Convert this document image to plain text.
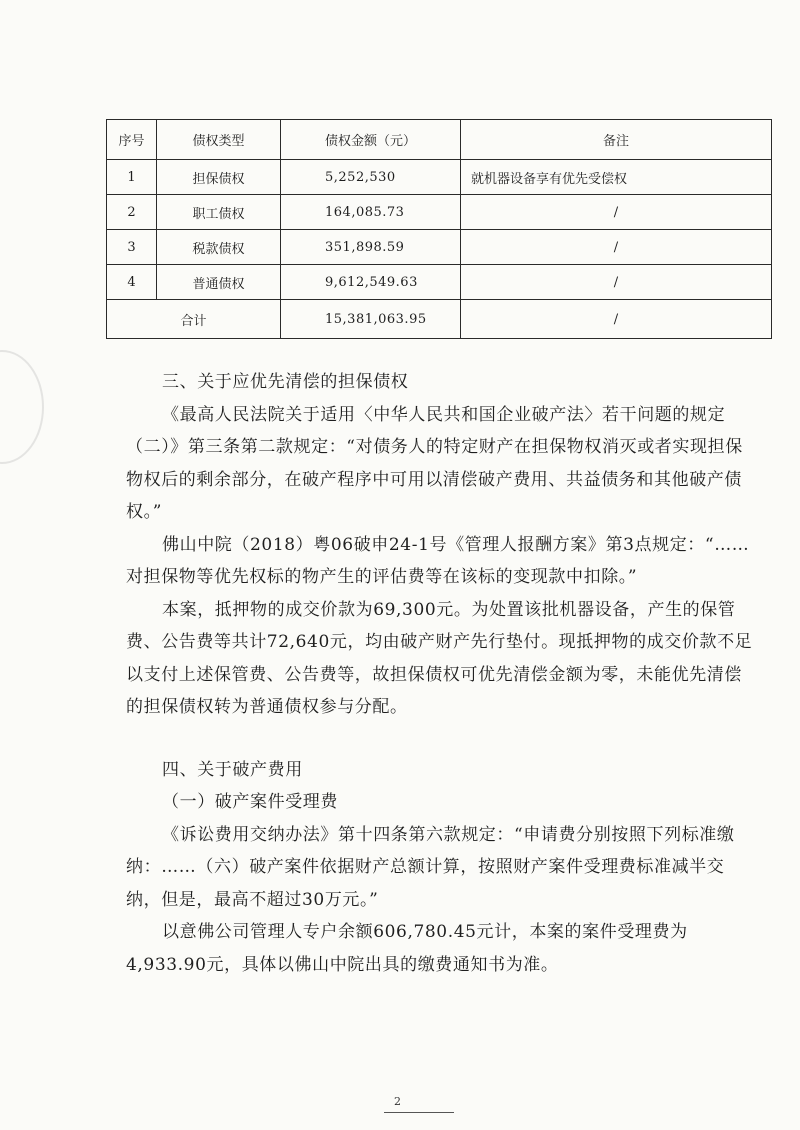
序号	债权类型	债权金额（元）	备注
1	担保债权	5,252,530	就机器设备享有优先受偿权
2	职工债权	164,085.73	/
3	税款债权	351,898.59	/
4	普通债权	9,612,549.63	/
合计		15,381,063.95	/

三、关于应优先清偿的担保债权

《最高人民法院关于适用〈中华人民共和国企业破产法〉若干问题的规定（二）》第三条第二款规定：“对债务人的特定财产在担保物权消灭或者实现担保物权后的剩余部分，在破产程序中可用以清偿破产费用、共益债务和其他破产债权。”

佛山中院（2018）粤06破申24-1号《管理人报酬方案》第3点规定：“……对担保物等优先权标的物产生的评估费等在该标的变现款中扣除。”

本案，抵押物的成交价款为69,300元。为处置该批机器设备，产生的保管费、公告费等共计72,640元，均由破产财产先行垫付。现抵押物的成交价款不足以支付上述保管费、公告费等，故担保债权可优先清偿金额为零，未能优先清偿的担保债权转为普通债权参与分配。

四、关于破产费用

（一）破产案件受理费

《诉讼费用交纳办法》第十四条第六款规定：“申请费分别按照下列标准缴纳：……（六）破产案件依据财产总额计算，按照财产案件受理费标准减半交纳，但是，最高不超过30万元。”

以意佛公司管理人专户余额606,780.45元计，本案的案件受理费为4,933.90元，具体以佛山中院出具的缴费通知书为准。

2
